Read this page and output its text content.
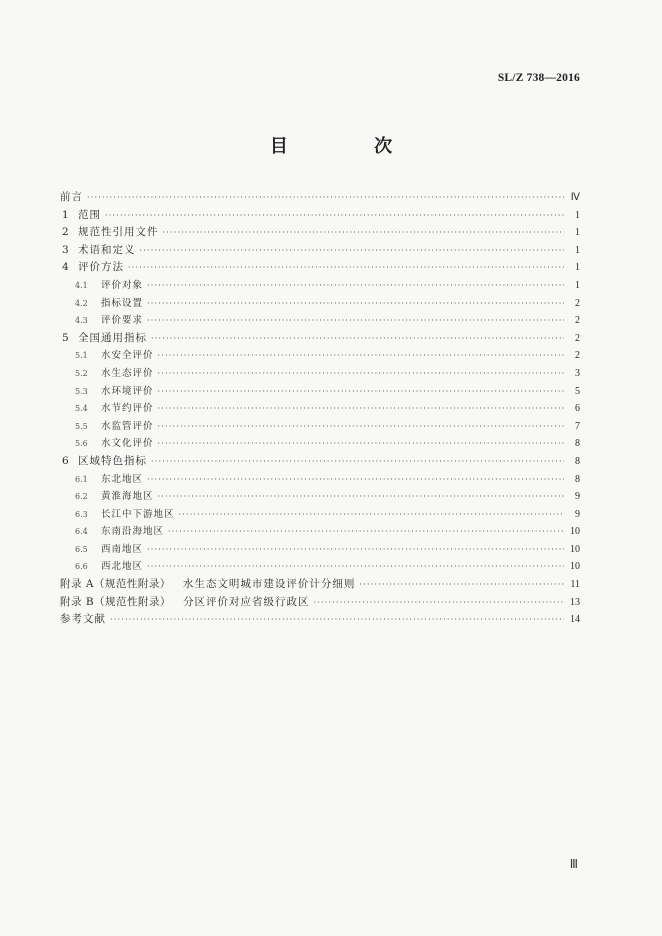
SL/Z 738—2016
目 次
前言 ·····	Ⅳ
1 范围 ·····	1
2 规范性引用文件 ·····	1
3 术语和定义 ·····	1
4 评价方法 ·····	1
4.1	评价对象 ·····	1
4.2	指标设置 ·····	2
4.3	评价要求 ·····	2
5 全国通用指标 ·····	2
5.1	水安全评价 ·····	2
5.2	水生态评价 ·····	3
5.3	水环境评价 ·····	5
5.4	水节约评价 ·····	6
5.5	水监管评价 ·····	7
5.6	水文化评价 ·····	8
6 区域特色指标 ·····	8
6.1	东北地区 ·····	8
6.2	黄淮海地区 ·····	9
6.3	长江中下游地区 ·····	9
6.4	东南沿海地区 ·····	10
6.5	西南地区 ·····	10
6.6	西北地区 ·····	10
附录 A（规范性附录） 水生态文明城市建设评价计分细则 ·····	11
附录 B（规范性附录） 分区评价对应省级行政区 ·····	13
参考文献 ·····	14
Ⅲ
